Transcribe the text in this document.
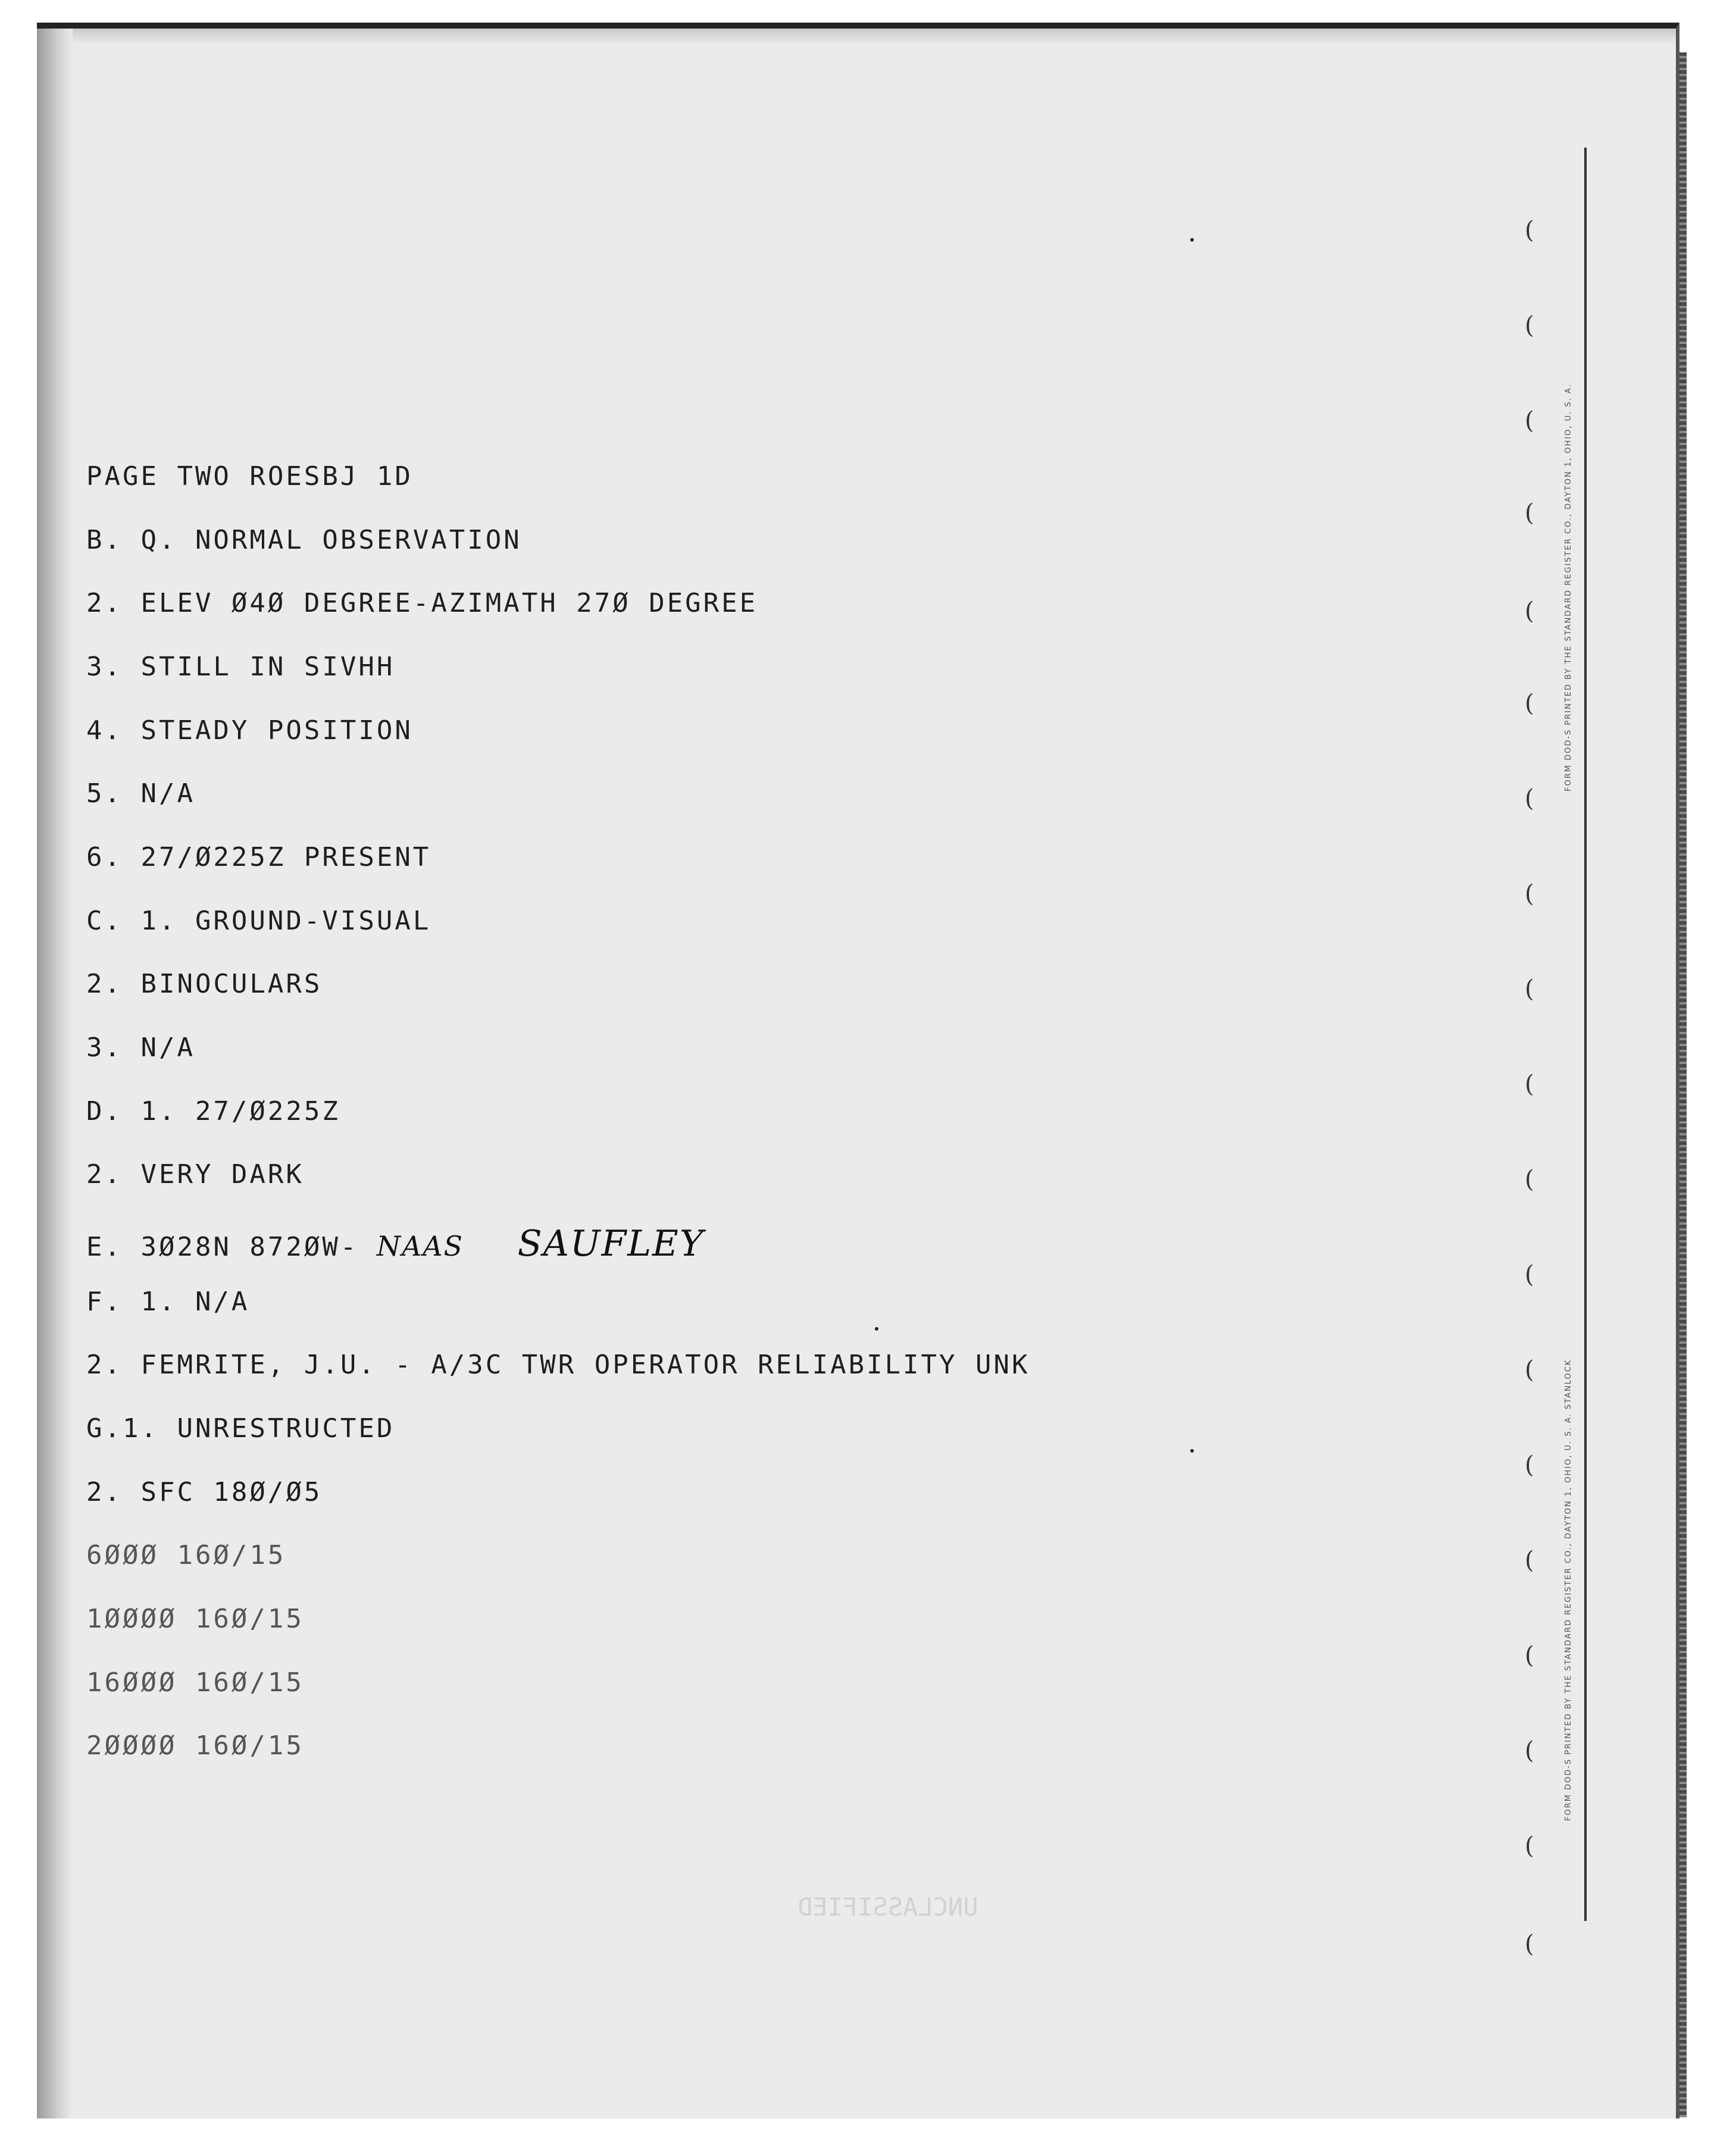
(
(
(
(
(
(
(
(
(
(
(
(
(
(
(
(
(
(
(
FORM DOD-S PRINTED BY THE STANDARD REGISTER CO., DAYTON 1, OHIO, U. S. A.
FORM DOD-S PRINTED BY THE STANDARD REGISTER CO., DAYTON 1, OHIO, U. S. A. STANLOCK
UNCLASSIFIED
PAGE TWO ROESBJ 1D
B. Q. NORMAL OBSERVATION
2. ELEV Ø4Ø DEGREE-AZIMATH 27Ø DEGREE
3. STILL IN SIVHH
4. STEADY POSITION
5. N/A
6. 27/Ø225Z PRESENT
C. 1. GROUND-VISUAL
2. BINOCULARS
3. N/A
D. 1. 27/Ø225Z
2. VERY DARK
E. 3Ø28N 872ØW- NAAS SAUFLEY
F. 1. N/A
2. FEMRITE, J.U. - A/3C TWR OPERATOR RELIABILITY UNK
G.1. UNRESTRUCTED
2. SFC 18Ø/Ø5
6ØØØ 16Ø/15
1ØØØØ 16Ø/15
16ØØØ 16Ø/15
2ØØØØ 16Ø/15
